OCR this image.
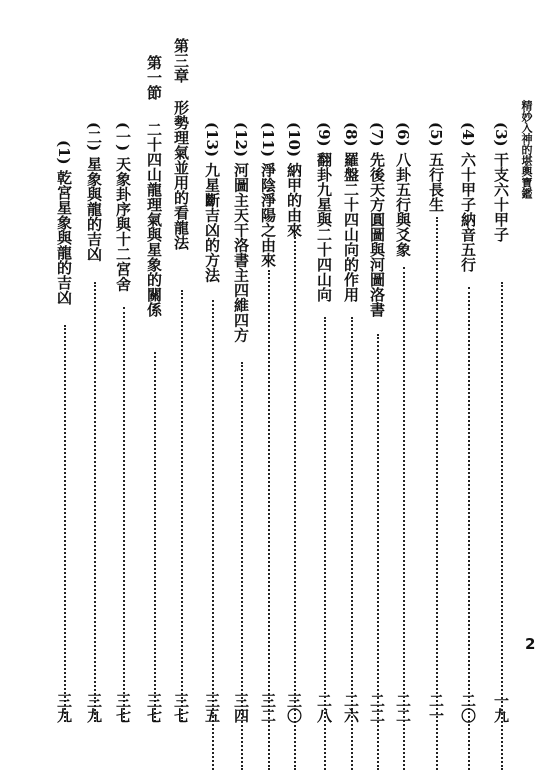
精妙入神的堪輿寶鑑
2
(3) 干支六十甲子
一九
(4) 六十甲子納音五行
二〇
(5) 五行長生
二一
(6) 八卦五行與爻象
二二
(7) 先後天方圓圖與河圖洛書
二二
(8) 羅盤二十四山向的作用
二六
(9) 翻卦九星與二十四山向
二八
(10) 納甲的由來
三〇
(11) 淨陰淨陽之由來
三二
(12) 河圖主天干洛書主四維四方
三四
(13) 九星斷吉凶的方法
三五
第三章
形勢理氣並用的看龍法
三七
第一節
二十四山龍理氣與星象的關係
三七
(一) 天象卦序與十二宮舍
三七
(二) 星象與龍的吉凶
三九
(1) 乾宮星象與龍的吉凶
三九
